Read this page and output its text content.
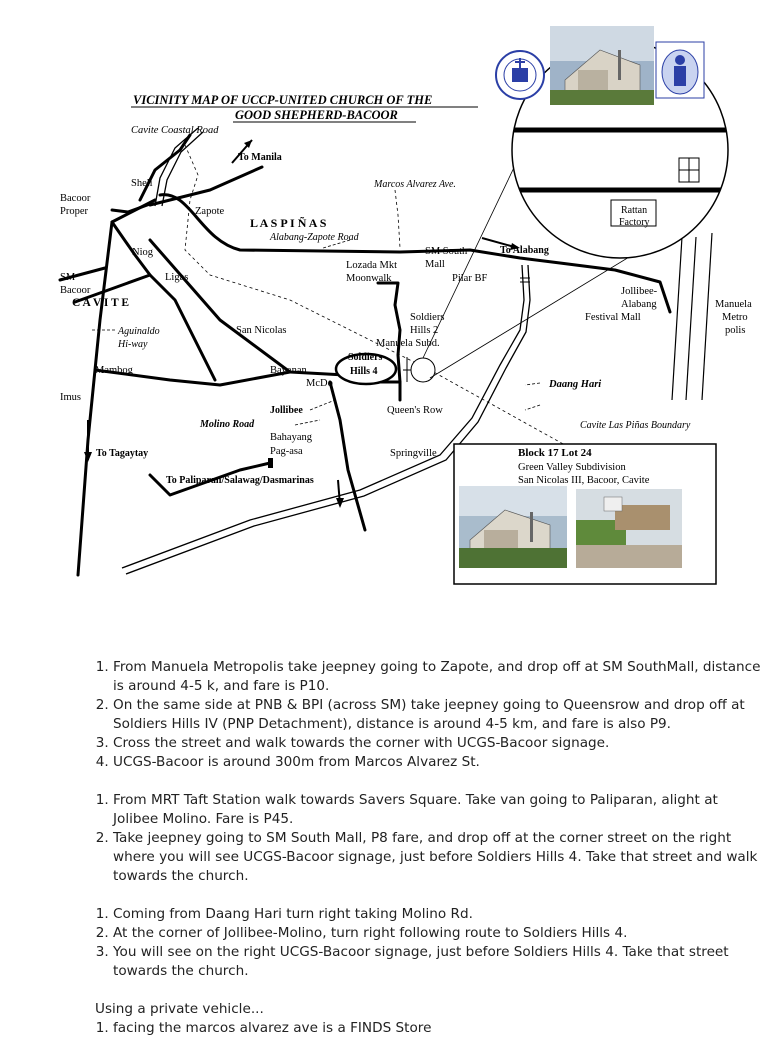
VICINITY MAP OF UCCP-UNITED CHURCH OF THE
GOOD SHEPHERD-BACOOR
Rattan
Factory
Cavite Coastal Road
To Manila
Shell
Bacoor
Proper	Zapote
L A S P I Ñ A S
Alabang-Zapote Road
Marcos Alvarez Ave.
SM South
Mall
Lozada Mkt
Moonwalk	Pilar BF
To Alabang
Niog
Ligas
SM
Bacoor
C A V I T E
Aguinaldo
Hi-way
San Nicolas
Soldiers
Hills 2
Manuela Subd.
Jollibee-
Alabang
Festival Mall
Manuela
Metro
polis
Mambog	Bayanan
McDo
Soldiers
Hills 4
Daang Hari
Imus
Jollibee	Queen's Row
Molino Road	Cavite Las Piñas Boundary
Bahayang
Pag-asa
To Tagaytay	Springville
To Paliparan/Salawag/Dasmarinas
Block 17 Lot 24
Green Valley Subdivision
San Nicolas III, Bacoor, Cavite
1. From Manuela Metropolis take jeepney going to Zapote, and drop off at SM SouthMall, distance is around 4-5 k, and fare is P10.
2. On the same side at PNB & BPI (across SM) take jeepney going to Queensrow and drop off at Soldiers Hills IV (PNP Detachment), distance is around 4-5 km, and fare is also P9.
3. Cross the street and walk towards the corner with UCGS-Bacoor signage.
4. UCGS-Bacoor is around 300m from Marcos Alvarez St.
1. From MRT Taft Station walk towards Savers Square. Take van going to Paliparan, alight at Jolibee Molino. Fare is P45.
2. Take jeepney going to SM South Mall, P8 fare, and drop off at the corner street on the right where you will see UCGS-Bacoor signage, just before Soldiers Hills 4. Take that street and walk towards the church.
1. Coming from Daang Hari turn right taking Molino Rd.
2. At the corner of Jollibee-Molino, turn right following route to Soldiers Hills 4.
3. You will see on the right UCGS-Bacoor signage, just before Soldiers Hills 4. Take that street towards the church.

Using a private vehicle...

1. facing the marcos alvarez ave is a FINDS Store
